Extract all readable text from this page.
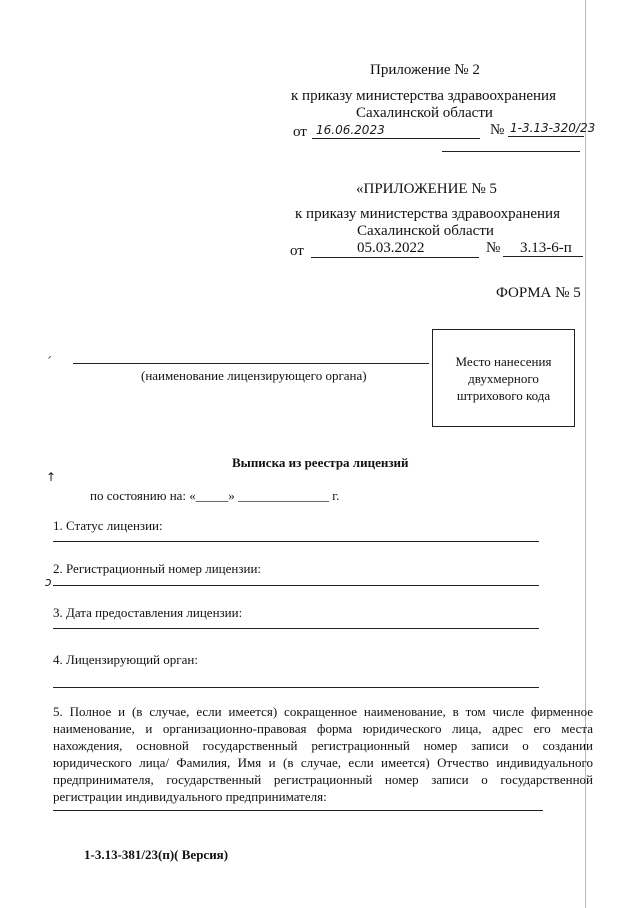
Приложение № 2
к приказу министерства здравоохранения
Сахалинской области
от 16.06.2023	№ 1-3.13-320/23
«ПРИЛОЖЕНИЕ № 5
к приказу министерства здравоохранения
Сахалинской области
от	05.03.2022	№ 3.13-6-п
ФОРМА № 5
ˊ
(наименование лицензирующего органа)
Место нанесения двухмерного штрихового кода
Выписка из реестра лицензий
↑
по состоянию на: «_____» ______________ г.
1. Статус лицензии:
2. Регистрационный номер лицензии:
ↄ
3. Дата предоставления лицензии:
4. Лицензирующий орган:
5. Полное и (в случае, если имеется) сокращенное наименование, в том числе фирменное наименование, и организационно-правовая форма юридического лица, адрес его места нахождения, основной государственный регистрационный номер записи о создании юридического лица/ Фамилия, Имя и (в случае, если имеется) Отчество индивидуального предпринимателя, государственный регистрационный номер записи о государственной регистрации индивидуального предпринимателя:
1-3.13-381/23(п)( Версия)
